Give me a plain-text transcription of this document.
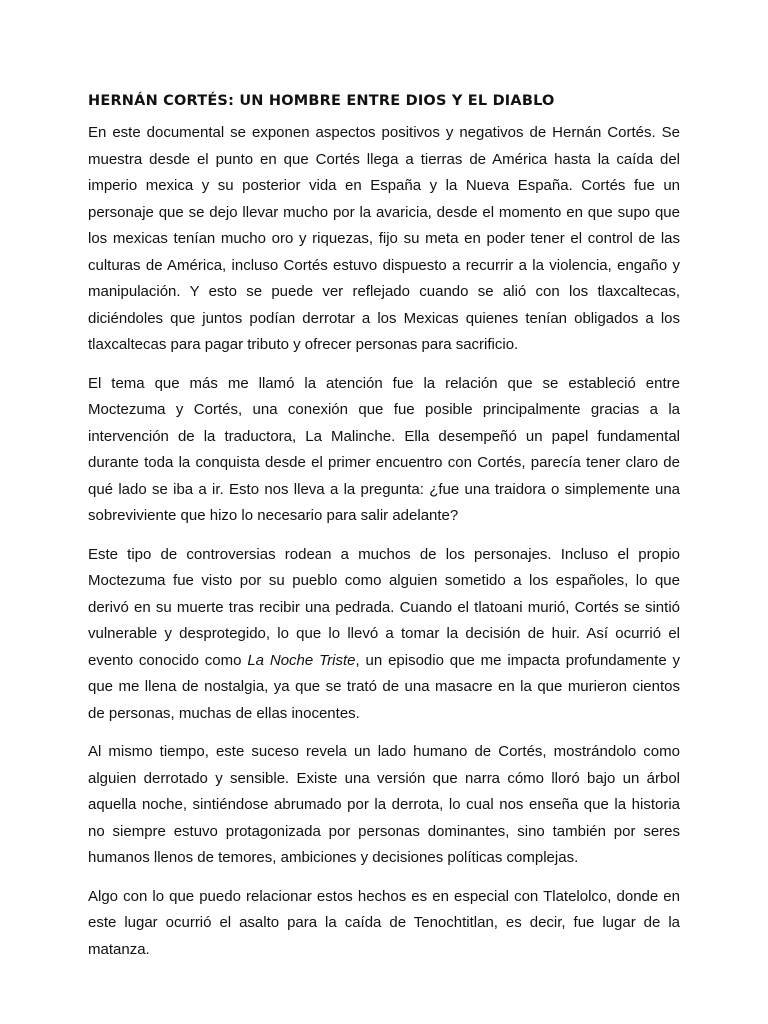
HERNÁN CORTÉS: UN HOMBRE ENTRE DIOS Y EL DIABLO

En este documental se exponen aspectos positivos y negativos de Hernán Cortés. Se muestra desde el punto en que Cortés llega a tierras de América hasta la caída del imperio mexica y su posterior vida en España y la Nueva España. Cortés fue un personaje que se dejo llevar mucho por la avaricia, desde el momento en que supo que los mexicas tenían mucho oro y riquezas, fijo su meta en poder tener el control de las culturas de América, incluso Cortés estuvo dispuesto a recurrir a la violencia, engaño y manipulación. Y esto se puede ver reflejado cuando se alió con los tlaxcaltecas, diciéndoles que juntos podían derrotar a los Mexicas quienes tenían obligados a los tlaxcaltecas para pagar tributo y ofrecer personas para sacrificio.

El tema que más me llamó la atención fue la relación que se estableció entre Moctezuma y Cortés, una conexión que fue posible principalmente gracias a la intervención de la traductora, La Malinche. Ella desempeñó un papel fundamental durante toda la conquista desde el primer encuentro con Cortés, parecía tener claro de qué lado se iba a ir. Esto nos lleva a la pregunta: ¿fue una traidora o simplemente una sobreviviente que hizo lo necesario para salir adelante?

Este tipo de controversias rodean a muchos de los personajes. Incluso el propio Moctezuma fue visto por su pueblo como alguien sometido a los españoles, lo que derivó en su muerte tras recibir una pedrada. Cuando el tlatoani murió, Cortés se sintió vulnerable y desprotegido, lo que lo llevó a tomar la decisión de huir. Así ocurrió el evento conocido como La Noche Triste, un episodio que me impacta profundamente y que me llena de nostalgia, ya que se trató de una masacre en la que murieron cientos de personas, muchas de ellas inocentes.

Al mismo tiempo, este suceso revela un lado humano de Cortés, mostrándolo como alguien derrotado y sensible. Existe una versión que narra cómo lloró bajo un árbol aquella noche, sintiéndose abrumado por la derrota, lo cual nos enseña que la historia no siempre estuvo protagonizada por personas dominantes, sino también por seres humanos llenos de temores, ambiciones y decisiones políticas complejas.

Algo con lo que puedo relacionar estos hechos es en especial con Tlatelolco, donde en este lugar ocurrió el asalto para la caída de Tenochtitlan, es decir, fue lugar de la matanza.
